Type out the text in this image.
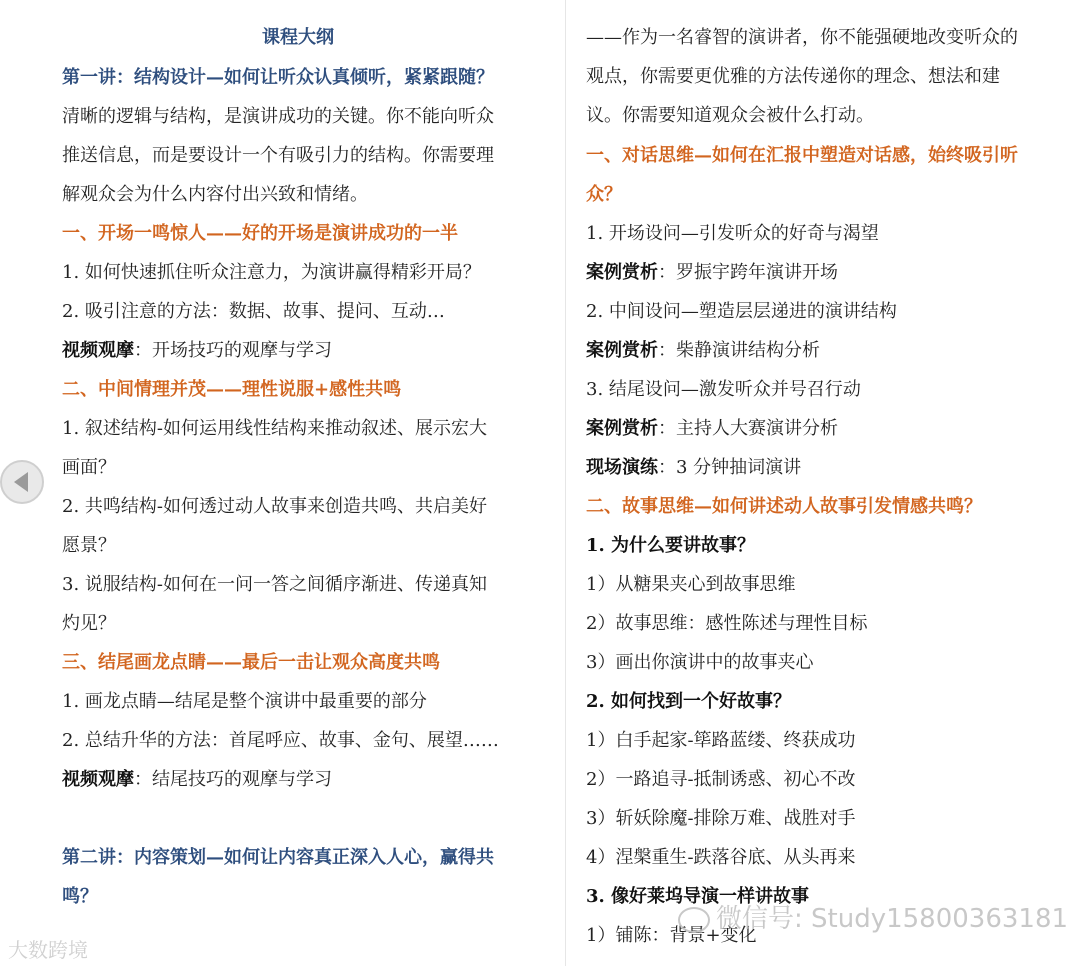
课程大纲
第一讲：结构设计—如何让听众认真倾听，紧紧跟随？
清晰的逻辑与结构，是演讲成功的关键。你不能向听众
推送信息，而是要设计一个有吸引力的结构。你需要理
解观众会为什么内容付出兴致和情绪。
一、开场一鸣惊人——好的开场是演讲成功的一半
1. 如何快速抓住听众注意力，为演讲赢得精彩开局？
2. 吸引注意的方法：数据、故事、提问、互动…
视频观摩：开场技巧的观摩与学习
二、中间情理并茂——理性说服+感性共鸣
1. 叙述结构-如何运用线性结构来推动叙述、展示宏大
画面？
2. 共鸣结构-如何透过动人故事来创造共鸣、共启美好
愿景？
3. 说服结构-如何在一问一答之间循序渐进、传递真知
灼见？
三、结尾画龙点睛——最后一击让观众高度共鸣
1. 画龙点睛—结尾是整个演讲中最重要的部分
2. 总结升华的方法：首尾呼应、故事、金句、展望……
视频观摩：结尾技巧的观摩与学习
第二讲：内容策划—如何让内容真正深入人心，赢得共
鸣？
——作为一名睿智的演讲者，你不能强硬地改变听众的
观点，你需要更优雅的方法传递你的理念、想法和建
议。你需要知道观众会被什么打动。
一、对话思维—如何在汇报中塑造对话感，始终吸引听
众？
1. 开场设问—引发听众的好奇与渴望
案例赏析：罗振宇跨年演讲开场
2. 中间设问—塑造层层递进的演讲结构
案例赏析：柴静演讲结构分析
3. 结尾设问—激发听众并号召行动
案例赏析：主持人大赛演讲分析
现场演练：3 分钟抽词演讲
二、故事思维—如何讲述动人故事引发情感共鸣？
1. 为什么要讲故事？
1）从糖果夹心到故事思维
2）故事思维：感性陈述与理性目标
3）画出你演讲中的故事夹心
2. 如何找到一个好故事？
1）白手起家-筚路蓝缕、终获成功
2）一路追寻-抵制诱惑、初心不改
3）斩妖除魔-排除万难、战胜对手
4）涅槃重生-跌落谷底、从头再来
3. 像好莱坞导演一样讲故事
1）铺陈：背景+变化
大数跨境
微信号: Study15800363181
